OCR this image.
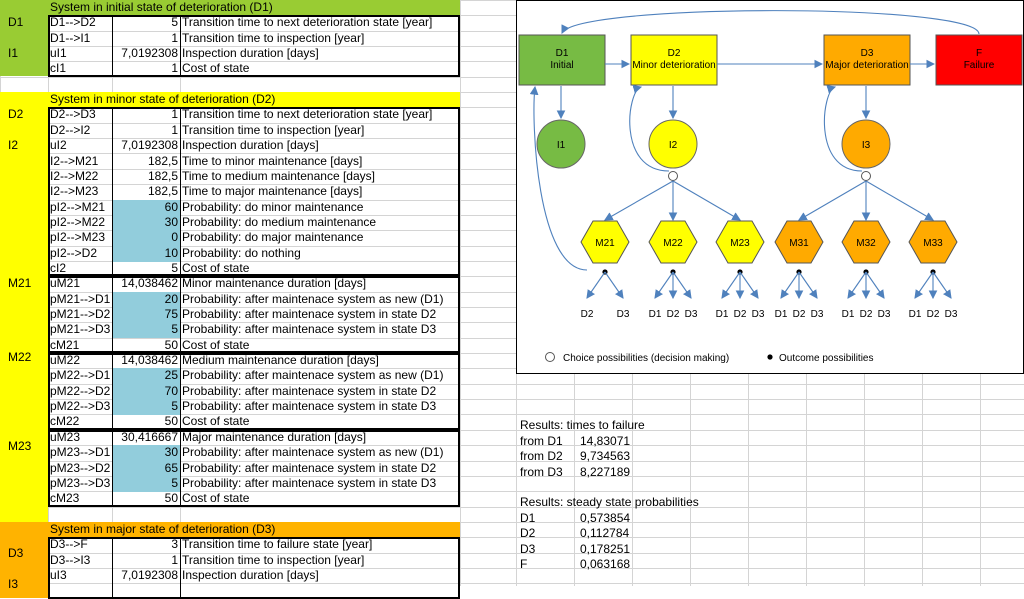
System in initial state of deterioration (D1)
System in minor state of deterioration (D2)
System in major state of deterioration (D3)
D1
I1
D2
I2
M21
M22
M23
D3
I3
D1-->D2	5 Transition time to next deterioration state [year]
D1-->I1	1 Transition time to inspection [year]
uI1	7,0192308 Inspection duration [days]
cI1	1 Cost of state
D2-->D3	1 Transition time to next deterioration state [year]
D2-->I2	1 Transition time to inspection [year]
uI2	7,0192308 Inspection duration [days]
I2-->M21	182,5 Time to minor maintenance [days]
I2-->M22	182,5 Time to medium maintenance [days]
I2-->M23	182,5 Time to major maintenance [days]
pI2-->M21	60 Probability: do minor maintenance
pI2-->M22	30 Probability: do medium maintenance
pI2-->M23	0 Probability: do major maintenance
pI2-->D2	10 Probability: do nothing
cI2	5 Cost of state
uM21	14,038462 Minor maintenance duration [days]
pM21-->D1	20 Probability: after maintenace system as new (D1)
pM21-->D2	75 Probability: after maintenace system in state D2
pM21-->D3	5 Probability: after maintenace system in state D3
cM21	50 Cost of state
uM22	14,038462 Medium maintenance duration [days]
pM22-->D1	25 Probability: after maintenace system as new (D1)
pM22-->D2	70 Probability: after maintenace system in state D2
pM22-->D3	5 Probability: after maintenace system in state D3
cM22	50 Cost of state
uM23	30,416667 Major maintenance duration [days]
pM23-->D1	30 Probability: after maintenace system as new (D1)
pM23-->D2	65 Probability: after maintenace system in state D2
pM23-->D3	5 Probability: after maintenace system in state D3
cM23	50 Cost of state
D3-->F	3 Transition time to failure state [year]
D3-->I3	1 Transition time to inspection [year]
uI3	7,0192308 Inspection duration [days]
D1
Initial
D2
Minor deterioration
D3
Major deterioration
F
Failure
I1	I2	I3
M21	M22	M23	M31	M32	M33
D2 D3 D1 D2 D3 D1 D2 D3 D1 D2 D3 D1 D2 D3 D1 D2 D3
Choice possibilities (decision making)	Outcome possibilities
Results: times to failure
from D1	14,83071
from D2	9,734563
from D3	8,227189
Results: steady state probabilities
D1	0,573854
D2	0,112784
D3	0,178251
F	0,063168
